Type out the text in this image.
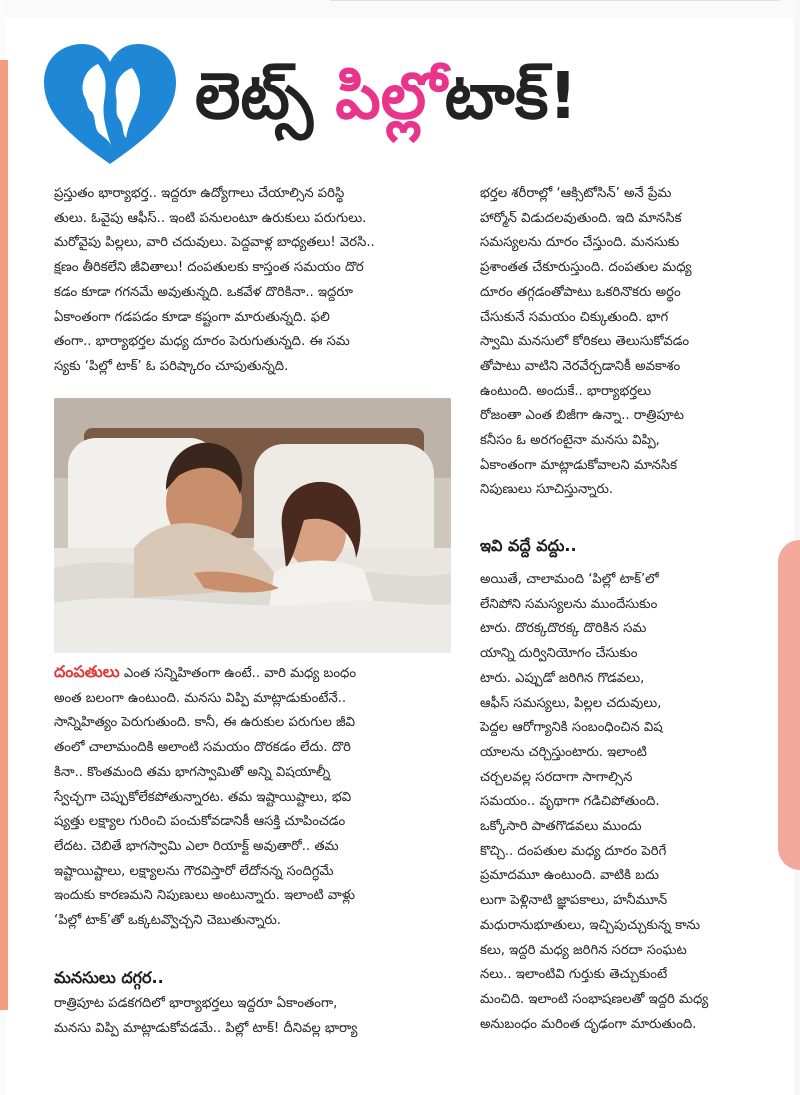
లెట్స్ పిల్లోటాక్!

ప్రస్తుతం భార్యాభర్త.. ఇద్దరూ ఉద్యోగాలు చేయాల్సిన పరిస్థి

తులు. ఓవైపు ఆఫీస్.. ఇంటి పనులంటూ ఉరుకులు పరుగులు.

మరోవైపు పిల్లలు, వారి చదువులు. పెద్దవాళ్ల బాధ్యతలు! వెరసి..

క్షణం తీరికలేని జీవితాలు! దంపతులకు కాస్తంత సమయం దొర

కడం కూడా గగనమే అవుతున్నది. ఒకవేళ దొరికినా.. ఇద్దరూ

ఏకాంతంగా గడపడం కూడా కష్టంగా మారుతున్నది. ఫలి

తంగా.. భార్యాభర్తల మధ్య దూరం పెరుగుతున్నది. ఈ సమ

స్యకు ‘పిల్లో టాక్’ ఓ పరిష్కారం చూపుతున్నది.

దంపతులు ఎంత సన్నిహితంగా ఉంటే.. వారి మధ్య బంధం

అంత బలంగా ఉంటుంది. మనసు విప్పి మాట్లాడుకుంటేనే..

సాన్నిహిత్యం పెరుగుతుంది. కానీ, ఈ ఉరుకుల పరుగుల జీవి

తంలో చాలామందికి అలాంటి సమయం దొరకడం లేదు. దొరి

కినా.. కొంతమంది తమ భాగస్వామితో అన్ని విషయాల్నీ

స్వేచ్ఛగా చెప్పుకోలేకపోతున్నారట. తమ ఇష్టాయిష్టాలు, భవి

ష్యత్తు లక్ష్యాల గురించి పంచుకోవడానికీ ఆసక్తి చూపించడం

లేదట. చెబితే భాగస్వామి ఎలా రియాక్ట్ అవుతారో.. తమ

ఇష్టాయిష్టాలు, లక్ష్యాలను గౌరవిస్తారో లేదోనన్న సందిగ్ధమే

ఇందుకు కారణమని నిపుణులు అంటున్నారు. ఇలాంటి వాళ్లు

‘పిల్లో టాక్’తో ఒక్కటవ్వొచ్చని చెబుతున్నారు.

మనసులు దగ్గర..

రాత్రిపూట పడకగదిలో భార్యాభర్తలు ఇద్దరూ ఏకాంతంగా,

మనసు విప్పి మాట్లాడుకోవడమే.. పిల్లో టాక్! దీనివల్ల భార్యా

భర్తల శరీరాల్లో ‘ఆక్సిటోసిన్’ అనే ప్రేమ

హార్మోన్ విడుదలవుతుంది. ఇది మానసిక

సమస్యలను దూరం చేస్తుంది. మనసుకు

ప్రశాంతత చేకూరుస్తుంది. దంపతుల మధ్య

దూరం తగ్గడంతోపాటు ఒకరినొకరు అర్థం

చేసుకునే సమయం చిక్కుతుంది. భాగ

స్వామి మనసులో కోరికలు తెలుసుకోవడం

తోపాటు వాటిని నెరవేర్చడానికీ అవకాశం

ఉంటుంది. అందుకే.. భార్యాభర్తలు

రోజంతా ఎంత బిజీగా ఉన్నా.. రాత్రిపూట

కనీసం ఓ అరగంటైనా మనసు విప్పి,

ఏకాంతంగా మాట్లాడుకోవాలని మానసిక

నిపుణులు సూచిస్తున్నారు.

ఇవి వద్దే వద్దు..

అయితే, చాలామంది ‘పిల్లో టాక్’లో

లేనిపోని సమస్యలను ముందేసుకుం

టారు. దొరక్కదొరక్క దొరికిన సమ

యాన్ని దుర్వినియోగం చేసుకుం

టారు. ఎప్పుడో జరిగిన గొడవలు,

ఆఫీస్ సమస్యలు, పిల్లల చదువులు,

పెద్దల ఆరోగ్యానికి సంబంధించిన విష

యాలను చర్చిస్తుంటారు. ఇలాంటి

చర్చలవల్ల సరదాగా సాగాల్సిన

సమయం.. వృథాగా గడిచిపోతుంది.

ఒక్కోసారి పాతగొడవలు ముందు

కొచ్చి.. దంపతుల మధ్య దూరం పెరిగే

ప్రమాదమూ ఉంటుంది. వాటికి బదు

లుగా పెళ్లినాటి జ్ఞాపకాలు, హనీమూన్

మధురానుభూతులు, ఇచ్చిపుచ్చుకున్న కాను

కలు, ఇద్దరి మధ్య జరిగిన సరదా సంఘట

నలు.. ఇలాంటివి గుర్తుకు తెచ్చుకుంటే

మంచిది. ఇలాంటి సంభాషణలతో ఇద్దరి మధ్య

అనుబంధం మరింత దృఢంగా మారుతుంది.
